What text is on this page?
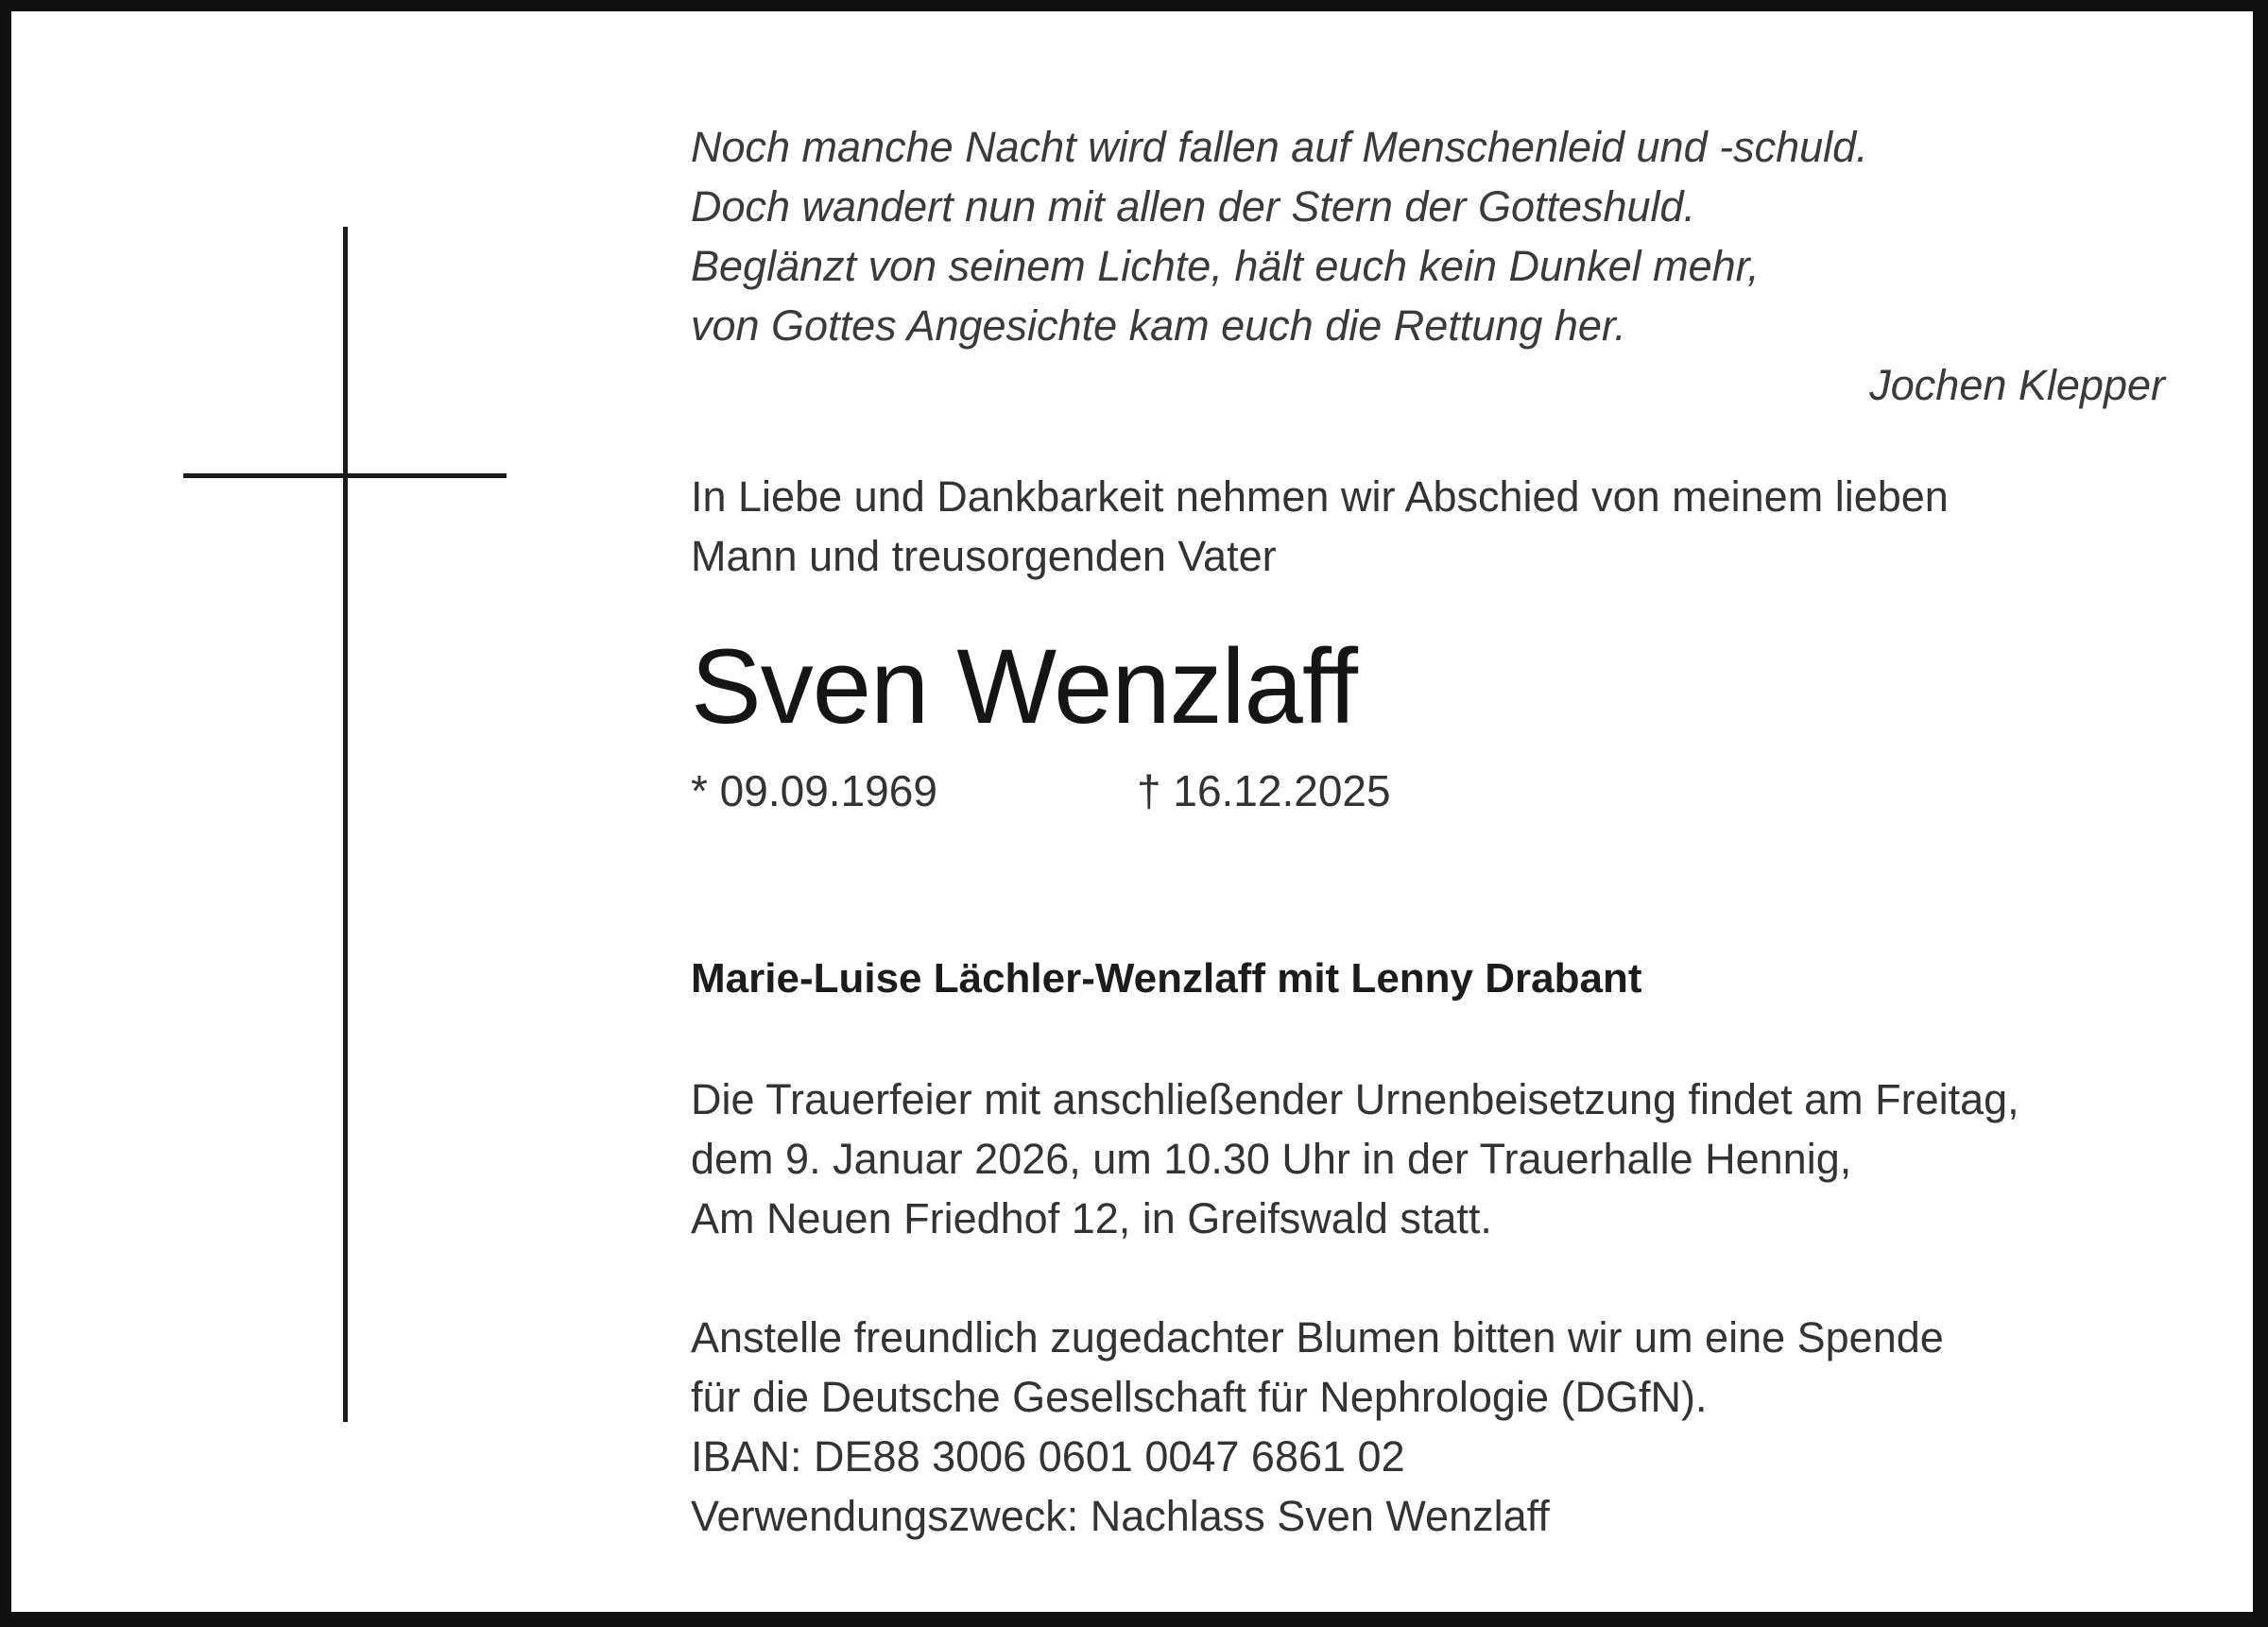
Noch manche Nacht wird fallen auf Menschenleid und -schuld.
Doch wandert nun mit allen der Stern der Gotteshuld.
Beglänzt von seinem Lichte, hält euch kein Dunkel mehr,
von Gottes Angesichte kam euch die Rettung her.
Jochen Klepper
In Liebe und Dankbarkeit nehmen wir Abschied von meinem lieben
Mann und treusorgenden Vater
Sven Wenzlaff
* 09.09.1969	† 16.12.2025

Marie-Luise Lächler-Wenzlaff mit Lenny Drabant

Die Trauerfeier mit anschließender Urnenbeisetzung findet am Freitag,
dem 9. Januar 2026, um 10.30 Uhr in der Trauerhalle Hennig,
Am Neuen Friedhof 12, in Greifswald statt.
Anstelle freundlich zugedachter Blumen bitten wir um eine Spende
für die Deutsche Gesellschaft für Nephrologie (DGfN).
IBAN: DE88 3006 0601 0047 6861 02
Verwendungszweck: Nachlass Sven Wenzlaff
